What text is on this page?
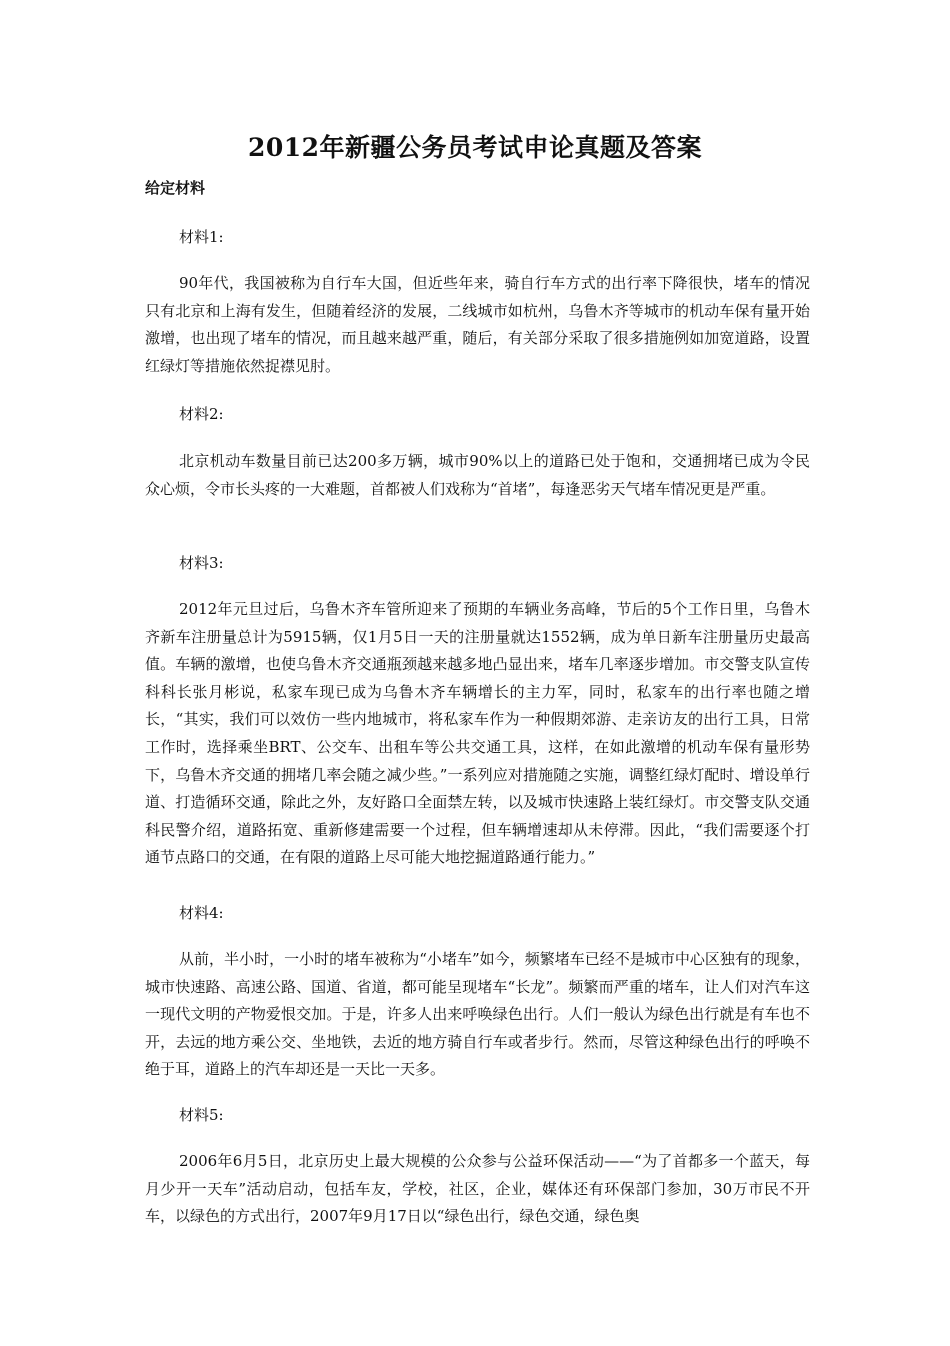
2012年新疆公务员考试申论真题及答案
给定材料
材料1:

90年代，我国被称为自行车大国，但近些年来，骑自行车方式的出行率下降很快，堵车的情况只有北京和上海有发生，但随着经济的发展，二线城市如杭州，乌鲁木齐等城市的机动车保有量开始激增，也出现了堵车的情况，而且越来越严重，随后，有关部分采取了很多措施例如加宽道路，设置红绿灯等措施依然捉襟见肘。

材料2:

北京机动车数量目前已达200多万辆，城市90%以上的道路已处于饱和，交通拥堵已成为令民众心烦，令市长头疼的一大难题，首都被人们戏称为“首堵”，每逢恶劣天气堵车情况更是严重。

材料3:

2012年元旦过后，乌鲁木齐车管所迎来了预期的车辆业务高峰，节后的5个工作日里，乌鲁木齐新车注册量总计为5915辆，仅1月5日一天的注册量就达1552辆，成为单日新车注册量历史最高值。车辆的激增，也使乌鲁木齐交通瓶颈越来越多地凸显出来，堵车几率逐步增加。市交警支队宣传科科长张月彬说，私家车现已成为乌鲁木齐车辆增长的主力军，同时，私家车的出行率也随之增长，“其实，我们可以效仿一些内地城市，将私家车作为一种假期郊游、走亲访友的出行工具，日常工作时，选择乘坐BRT、公交车、出租车等公共交通工具，这样，在如此激增的机动车保有量形势下，乌鲁木齐交通的拥堵几率会随之减少些。”一系列应对措施随之实施，调整红绿灯配时、增设单行道、打造循环交通，除此之外，友好路口全面禁左转，以及城市快速路上装红绿灯。市交警支队交通科民警介绍，道路拓宽、重新修建需要一个过程，但车辆增速却从未停滞。因此，“我们需要逐个打通节点路口的交通，在有限的道路上尽可能大地挖掘道路通行能力。”

材料4:

从前，半小时，一小时的堵车被称为“小堵车”如今，频繁堵车已经不是城市中心区独有的现象，城市快速路、高速公路、国道、省道，都可能呈现堵车“长龙”。频繁而严重的堵车，让人们对汽车这一现代文明的产物爱恨交加。于是，许多人出来呼唤绿色出行。人们一般认为绿色出行就是有车也不开，去远的地方乘公交、坐地铁，去近的地方骑自行车或者步行。然而，尽管这种绿色出行的呼唤不绝于耳，道路上的汽车却还是一天比一天多。

材料5:

2006年6月5日，北京历史上最大规模的公众参与公益环保活动——“为了首都多一个蓝天，每月少开一天车”活动启动，包括车友，学校，社区，企业，媒体还有环保部门参加，30万市民不开车，以绿色的方式出行，2007年9月17日以“绿色出行，绿色交通，绿色奥
